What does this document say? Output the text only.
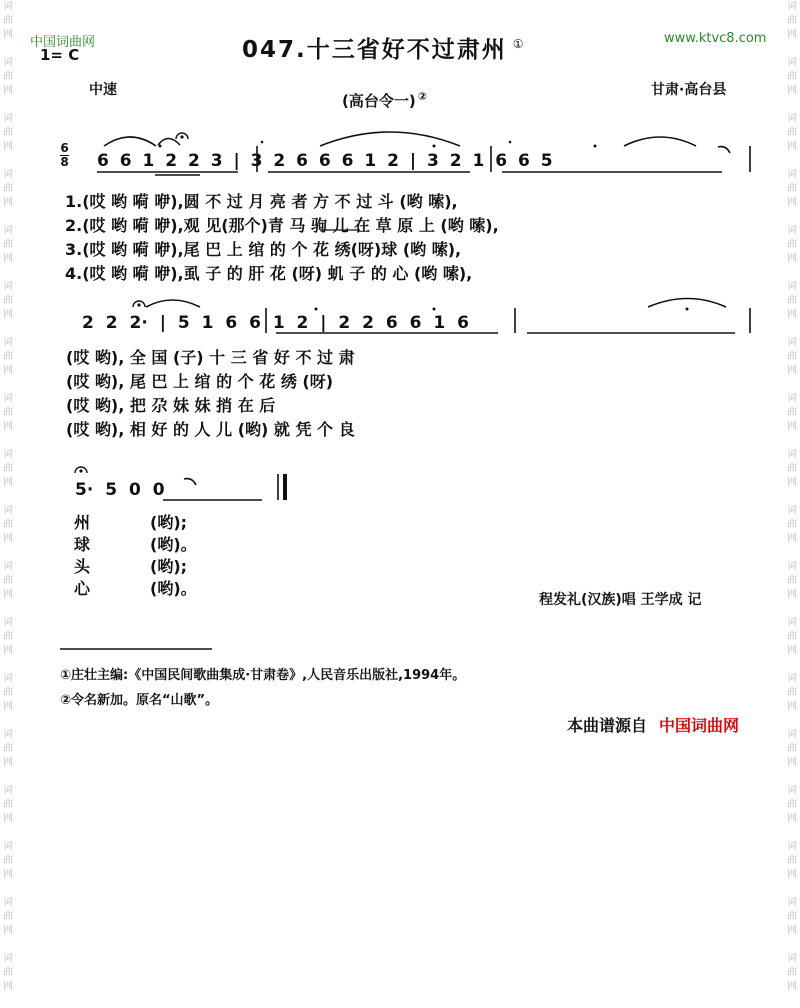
词
曲
网
词
曲
网
词
曲
网
词
曲
网
词
曲
网
词
曲
网
词
曲
网
词
曲
网
词
曲
网
词
曲
网
词
曲
网
词
曲
网
词
曲
网
词
曲
网
词
曲
网
词
曲
网
词
曲
网
词
曲
网
词
曲
网
词
曲
网
词
曲
网
词
曲
网
词
曲
网
词
曲
网
词
曲
网
词
曲
网
词
曲
网
词
曲
网
词
曲
网
词
曲
网
词
曲
网
词
曲
网
词
曲
网
词
曲
网
词
曲
网
词
曲
网
中国词曲网	www.ktvc8.com
1= C	047.十三省好不过肃州 ①
中速	甘肃·高台县
(高台令一) ②
6
8 6 6 1 2 2 3 | 3 2 6 6 6 1 2 | 3 2 1 6 6 5
1.(哎 哟 嗬 咿),圆 不 过 月 亮 者 方 不 过 斗 (哟 嗦),
2.(哎 哟 嗬 咿),观 见(那个)青 马 驹 儿 在 草 原 上 (哟 嗦),
3.(哎 哟 嗬 咿),尾 巴 上 绾 的 个 花 绣(呀)球 (哟 嗦),
4.(哎 哟 嗬 咿),虱 子 的 肝 花 (呀) 虮 子 的 心 (哟 嗦),
2 2 2· | 5 1 6 6 1 2 | 2 2 6 6 1 6
(哎 哟), 全 国 (子) 十 三 省 好 不 过 肃
(哎 哟), 尾 巴 上 绾 的 个 花 绣 (呀)
(哎 哟), 把 尕 妹 妹 捎 在 后
(哎 哟), 相 好 的 人 儿 (哟) 就 凭 个 良
5· 5 0 0
州	(哟);
球	(哟)。
头	(哟);
心	(哟)。
程发礼(汉族)唱 王学成 记
①庄壮主编:《中国民间歌曲集成·甘肃卷》,人民音乐出版社,1994年。
②令名新加。原名“山歌”。
本曲谱源自 中国词曲网
